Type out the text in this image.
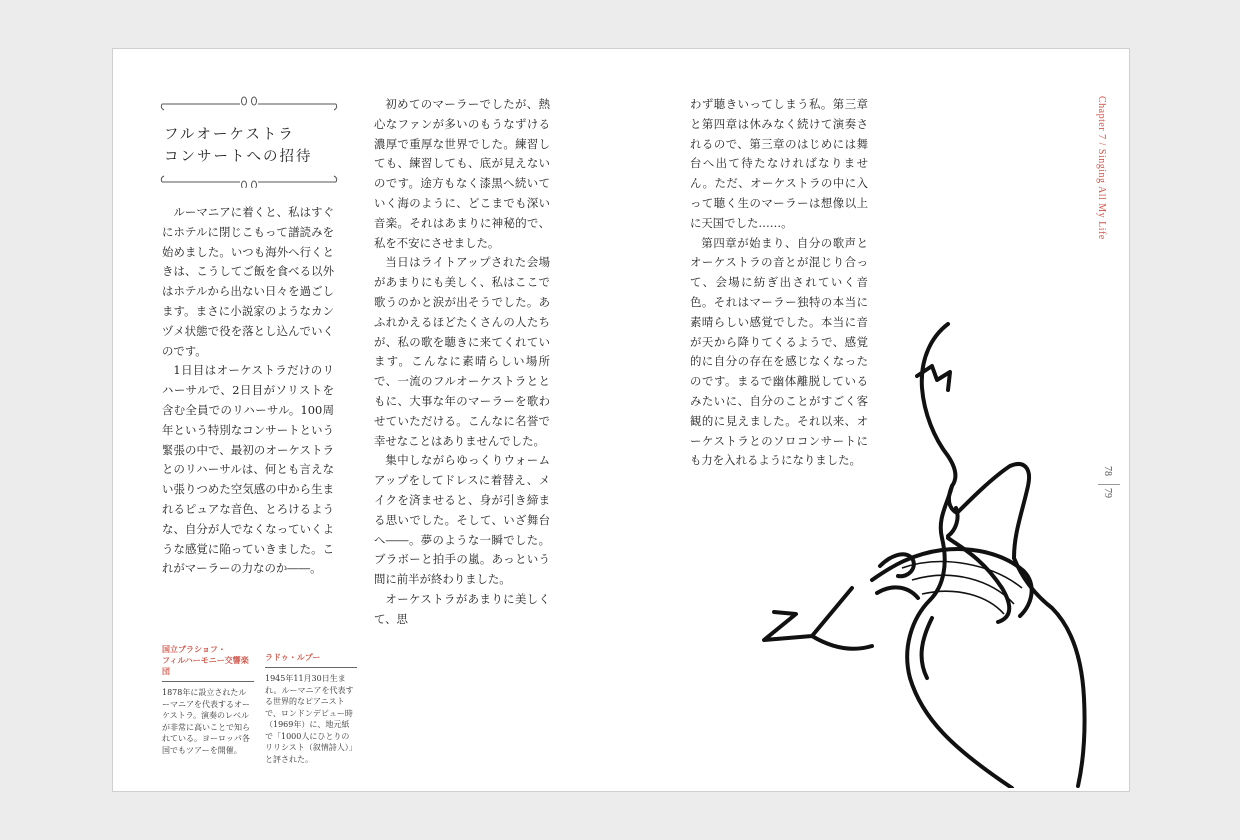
フルオーケストラ
コンサートへの招待

ルーマニアに着くと、私はすぐにホテルに閉じこもって譜読みを始めました。いつも海外へ行くときは、こうしてご飯を食べる以外はホテルから出ない日々を過ごします。まさに小説家のようなカンヅメ状態で役を落とし込んでいくのです。

1日目はオーケストラだけのリハーサルで、2日目がソリストを含む全員でのリハーサル。100周年という特別なコンサートという緊張の中で、最初のオーケストラとのリハーサルは、何とも言えない張りつめた空気感の中から生まれるピュアな音色、とろけるような、自分が人でなくなっていくような感覚に陥っていきました。これがマーラーの力なのか――。

初めてのマーラーでしたが、熱心なファンが多いのもうなずける濃厚で重厚な世界でした。練習しても、練習しても、底が見えないのです。途方もなく漆黒へ続いていく海のように、どこまでも深い音楽。それはあまりに神秘的で、私を不安にさせました。

当日はライトアップされた会場があまりにも美しく、私はここで歌うのかと涙が出そうでした。あふれかえるほどたくさんの人たちが、私の歌を聴きに来てくれています。こんなに素晴らしい場所で、一流のフルオーケストラとともに、大事な年のマーラーを歌わせていただける。こんなに名誉で幸せなことはありませんでした。

集中しながらゆっくりウォームアップをしてドレスに着替え、メイクを済ませると、身が引き締まる思いでした。そして、いざ舞台へ――。夢のような一瞬でした。ブラボーと拍手の嵐。あっという間に前半が終わりました。

オーケストラがあまりに美しくて、思

わず聴きいってしまう私。第三章と第四章は休みなく続けて演奏されるので、第三章のはじめには舞台へ出て待たなければなりません。ただ、オーケストラの中に入って聴く生のマーラーは想像以上に天国でした……。

第四章が始まり、自分の歌声とオーケストラの音とが混じり合って、会場に紡ぎ出されていく音色。それはマーラー独特の本当に素晴らしい感覚でした。本当に音が天から降りてくるようで、感覚的に自分の存在を感じなくなったのです。まるで幽体離脱しているみたいに、自分のことがすごく客観的に見えました。それ以来、オーケストラとのソロコンサートにも力を入れるようになりました。

Chapter 7 / Singing All My Life
78
79
国立ブラショフ・
フィルハーモニー交響楽団

1878年に設立されたルーマニアを代表するオーケストラ。演奏のレベルが非常に高いことで知られている。ヨーロッパ各国でもツアーを開催。

ラドゥ・ルプー

1945年11月30日生まれ。ルーマニアを代表する世界的なピアニストで、ロンドンデビュー時（1969年）に、地元紙で「1000人にひとりのリリシスト（叙情詩人）」と評された。
